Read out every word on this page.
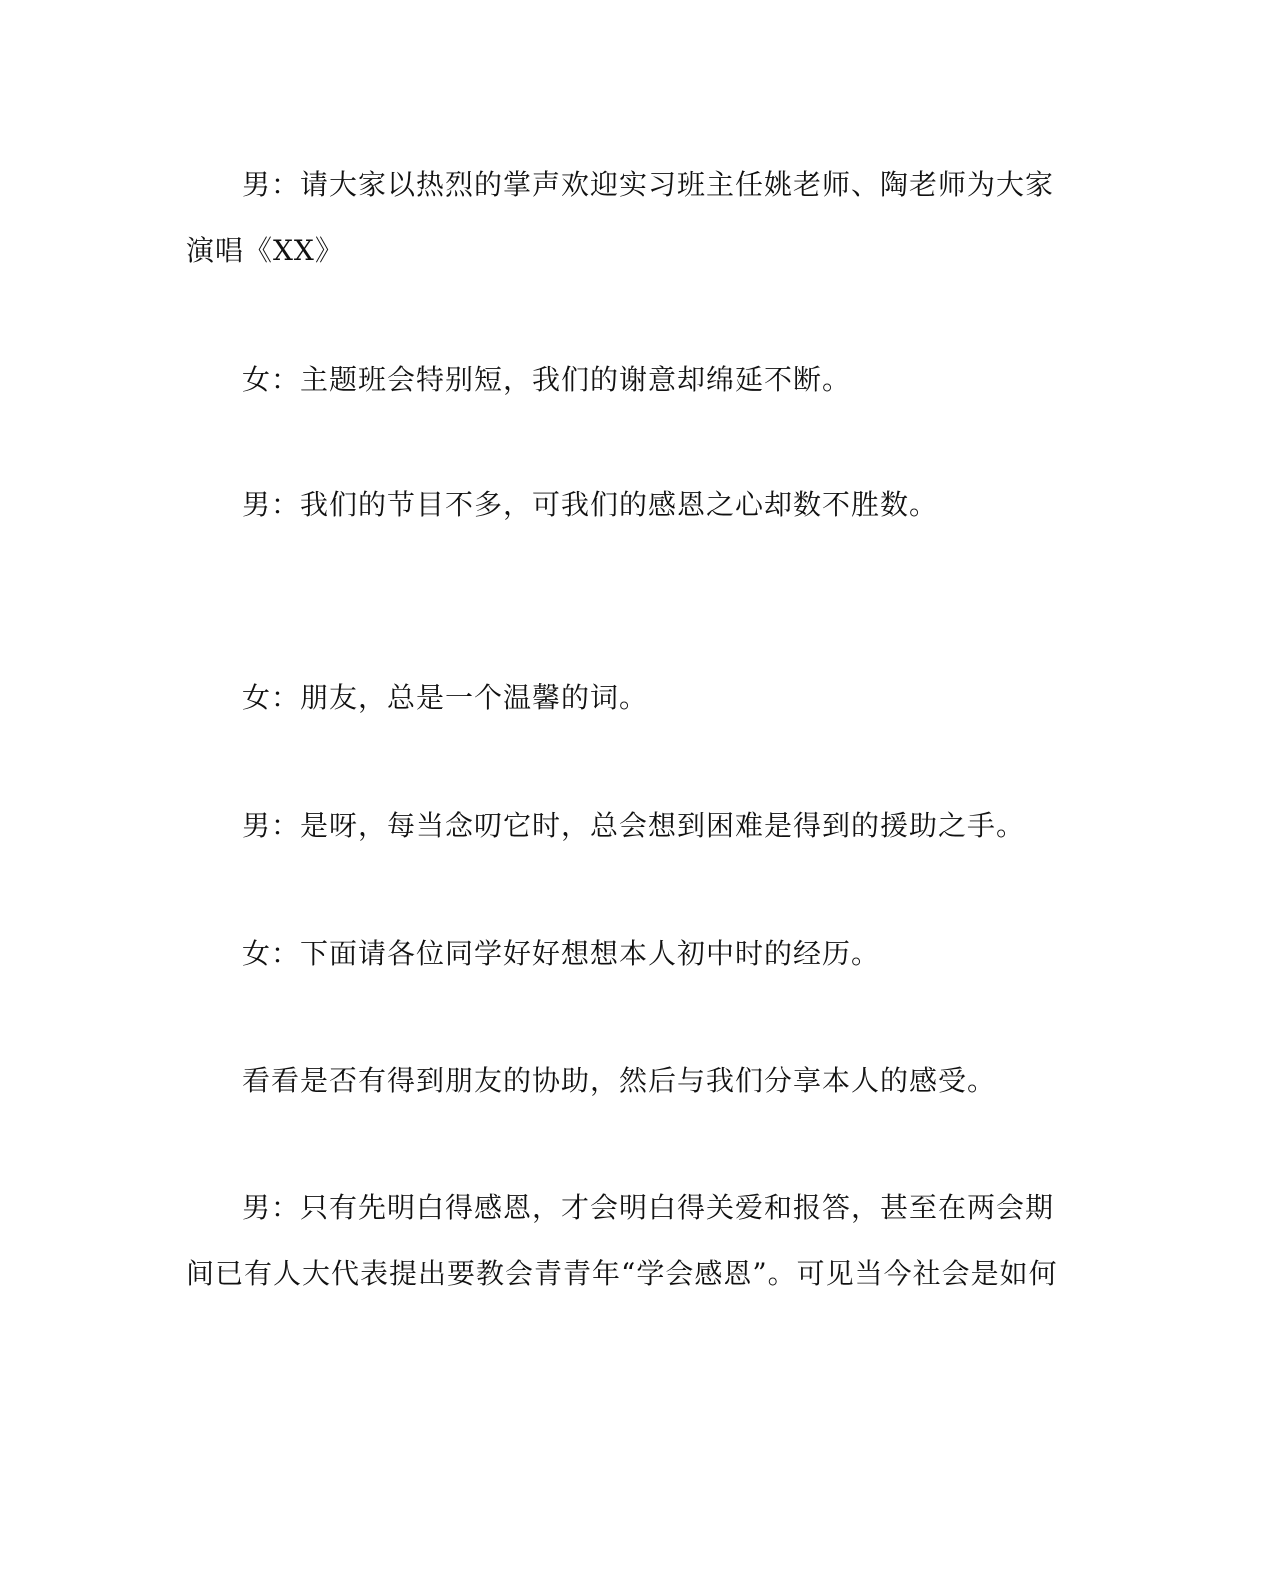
男：请大家以热烈的掌声欢迎实习班主任姚老师、陶老师为大家演唱《XX》

女：主题班会特别短，我们的谢意却绵延不断。

男：我们的节目不多，可我们的感恩之心却数不胜数。

女：朋友，总是一个温馨的词。

男：是呀，每当念叨它时，总会想到困难是得到的援助之手。

女：下面请各位同学好好想想本人初中时的经历。

看看是否有得到朋友的协助，然后与我们分享本人的感受。

男：只有先明白得感恩，才会明白得关爱和报答，甚至在两会期间已有人大代表提出要教会青青年“学会感恩”。可见当今社会是如何
